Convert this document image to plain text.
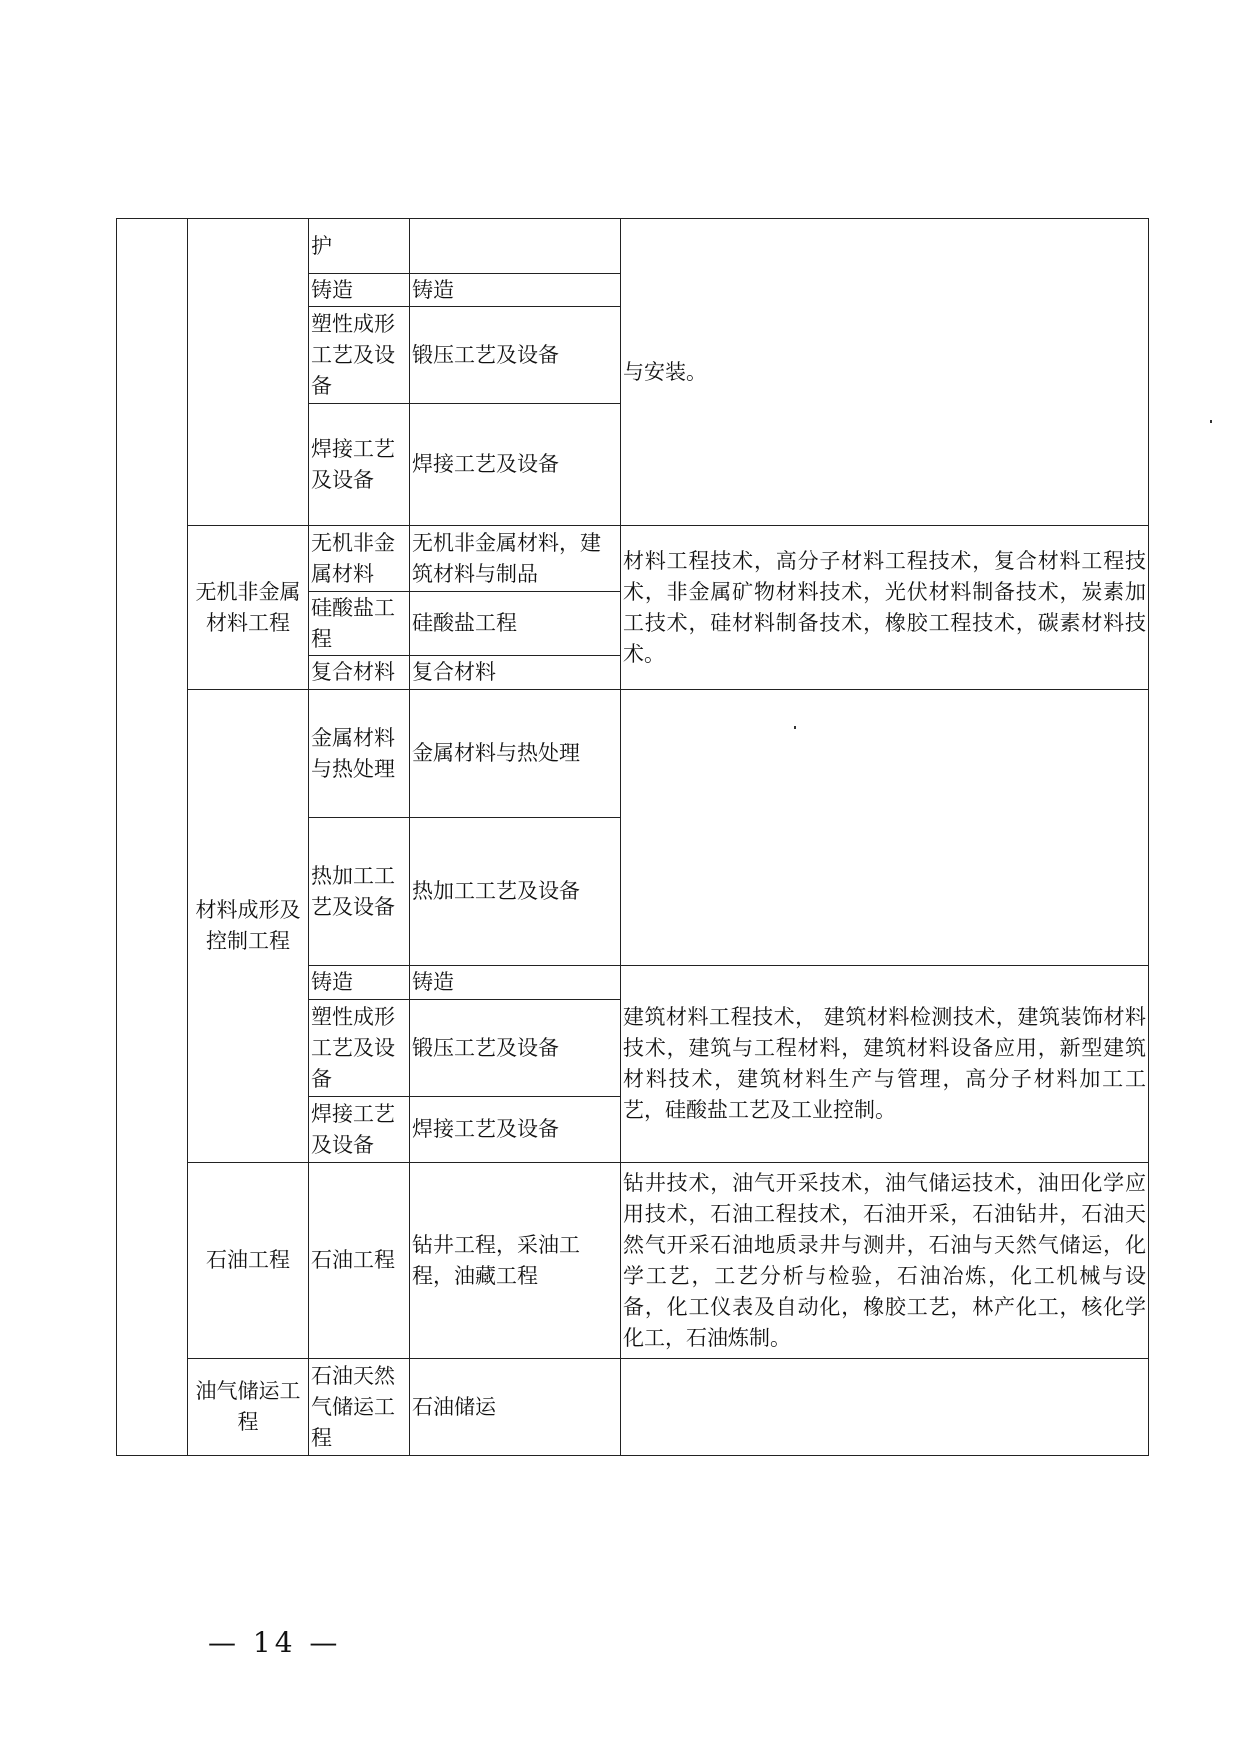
		护		与安装。
		铸造	铸造	
		塑性成形工艺及设备	锻压工艺及设备	
		焊接工艺及设备	焊接工艺及设备	
	无机非金属材料工程	无机非金属材料	无机非金属材料，建筑材料与制品	材料工程技术，高分子材料工程技术，复合材料工程技术，非金属矿物材料技术，光伏材料制备技术，炭素加工技术，硅材料制备技术，橡胶工程技术，碳素材料技术。
		硅酸盐工程	硅酸盐工程	
		复合材料	复合材料	
	材料成形及控制工程	金属材料与热处理	金属材料与热处理	
		热加工工艺及设备	热加工工艺及设备	
		铸造	铸造	建筑材料工程技术， 建筑材料检测技术，建筑装饰材料技术，建筑与工程材料，建筑材料设备应用，新型建筑材料技术，建筑材料生产与管理，高分子材料加工工艺，硅酸盐工艺及工业控制。
		塑性成形工艺及设备	锻压工艺及设备	
		焊接工艺及设备	焊接工艺及设备	
	石油工程	石油工程	钻井工程，采油工程，油藏工程	钻井技术，油气开采技术，油气储运技术，油田化学应用技术，石油工程技术，石油开采，石油钻井，石油天然气开采石油地质录井与测井，石油与天然气储运，化学工艺，工艺分析与检验，石油冶炼，化工机械与设备，化工仪表及自动化，橡胶工艺，林产化工，核化学化工，石油炼制。
	油气储运工程	石油天然气储运工程	石油储运	
— 14 —
